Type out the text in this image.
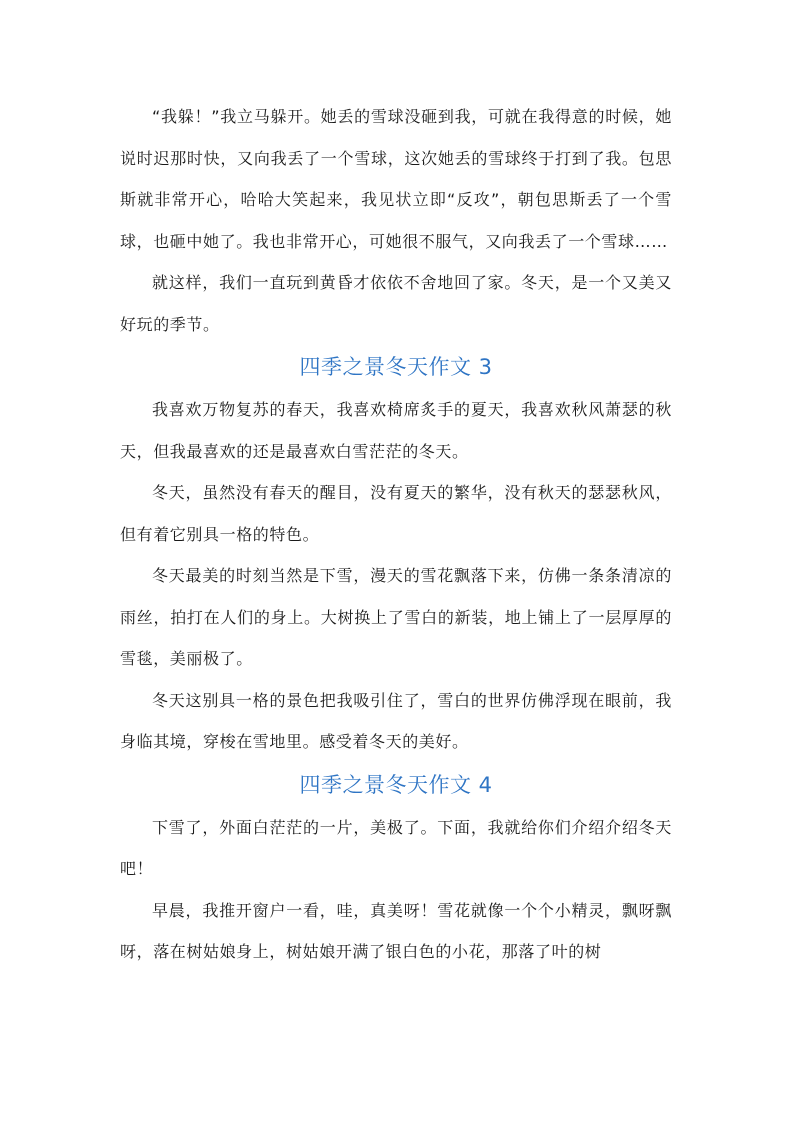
“我躲！”我立马躲开。她丢的雪球没砸到我，可就在我得意的时候，她说时迟那时快，又向我丢了一个雪球，这次她丢的雪球终于打到了我。包思斯就非常开心，哈哈大笑起来，我见状立即“反攻”，朝包思斯丢了一个雪球，也砸中她了。我也非常开心，可她很不服气，又向我丢了一个雪球……

就这样，我们一直玩到黄昏才依依不舍地回了家。冬天，是一个又美又好玩的季节。

四季之景冬天作文 3

我喜欢万物复苏的春天，我喜欢椅席炙手的夏天，我喜欢秋风萧瑟的秋天，但我最喜欢的还是最喜欢白雪茫茫的冬天。

冬天，虽然没有春天的醒目，没有夏天的繁华，没有秋天的瑟瑟秋风，但有着它别具一格的特色。

冬天最美的时刻当然是下雪，漫天的雪花飘落下来，仿佛一条条清凉的雨丝，拍打在人们的身上。大树换上了雪白的新装，地上铺上了一层厚厚的雪毯，美丽极了。

冬天这别具一格的景色把我吸引住了，雪白的世界仿佛浮现在眼前，我身临其境，穿梭在雪地里。感受着冬天的美好。

四季之景冬天作文 4

下雪了，外面白茫茫的一片，美极了。下面，我就给你们介绍介绍冬天吧！

早晨，我推开窗户一看，哇，真美呀！雪花就像一个个小精灵，飘呀飘呀，落在树姑娘身上，树姑娘开满了银白色的小花，那落了叶的树
